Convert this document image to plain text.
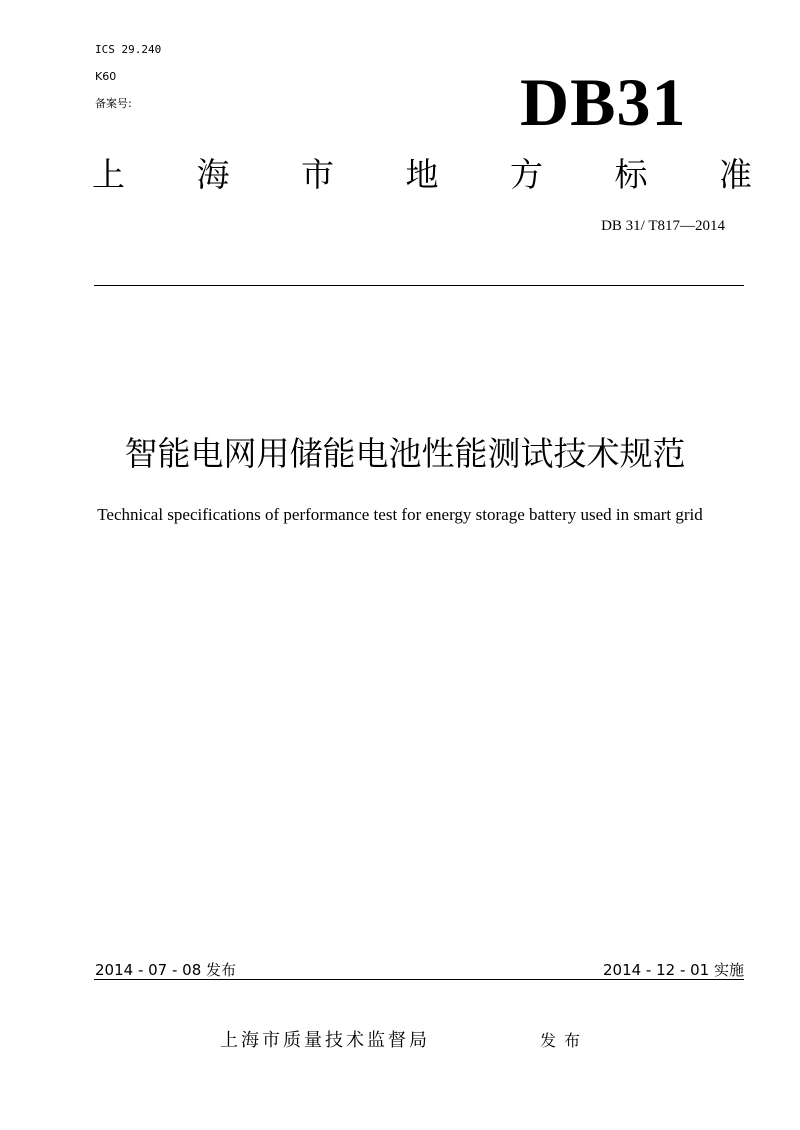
ICS 29.240
K60
备案号:	DB31
上 海 市 地 方 标 准
DB 31/ T817—2014
智能电网用储能电池性能测试技术规范
Technical specifications of performance test for energy storage battery used in smart grid
2014 - 07 - 08 发布	2014 - 12 - 01 实施
上海市质量技术监督局	发布
